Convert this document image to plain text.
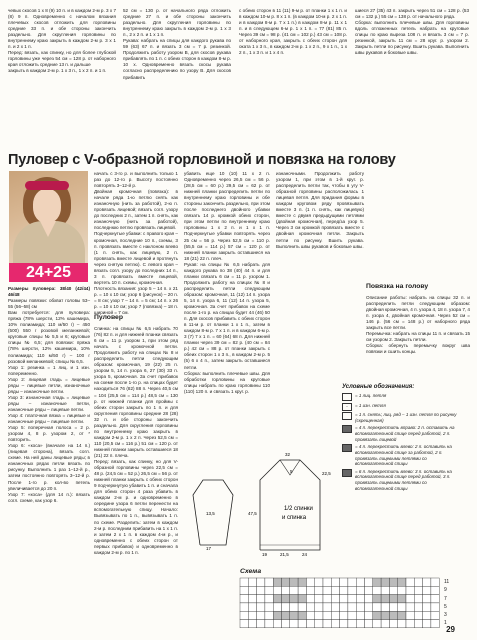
чевых скосов 1 х 8 (9) 10 п. и в каждом 2-м р. 3 х 7 (8) 9 п. Одновременно с началом вязания плечевых скосов отложить для горловины средние 33 п. и обе стороны закончить раздельно. Для скругления горловины по внутреннему краю закрыть в каждом 2-м р. 3 х 1 п. и 2 х 1 п.

Перед: вязать, как спинку, но для более глубокой горловины уже через 54 см = 128 р. от наборного края отложить средние 13 п. и дальше

закрыть в каждом 2-м р. 1 х 3 п., 1 х 2 п. и 1 п.

52 см = 130 р. от начального ряда отложить средние 27 п. и обе стороны закончить раздельно. Для скругления горловины по внутреннему краю закрыть в каждом 2-м р. 1 х 3 п., 2 х 2 п. и 1 х 1 п.

Рукава: набрать на спицы для каждого рукава по 59 (63) 67 п. и вязать 3 см = 7 р. резинкой. Продолжить работу узором В, для скосов рукава прибавлять по 1 п. с обеих сторон в каждом 8-м р. 10 х. Одновременно вязать скосы рукава согласно распределению по узору В. Для скосов прибавить

с обеих сторон в 11 (11) 9-м р. от планки 1 х 1 п. и в каждом 10-м р. 8 х 1 п. (в каждом 10-м р. 2 х 1 п. и в каждом 8-м р. 7 х 1 п.) в каждом 8-м р. 11 х 1 п. и в следующем 6-м р. 1 х 1 п. = 77 (81) 85 п. Через 39 см = 98 р. (41 см = 102 р.) 43 см = 108 р. от наборного края, закрыть с обеих сторон для оката 1 х 3 п., в каждом 2-м р. 1 х 2 п., 9 х 1 п., 1 х 2 п., 1 х 3 п. и 1 х 4 п.

шиеся 27 (35) 43 п. закрыть через 51 см = 128 р. (53 см = 132 р.) 55 см = 138 р. от начального ряда.

Сборка: выполнить плечевые швы. Для горловины вдоль отложенных петель набрать на круговые спицы по краю выреза 108 п. и вязать 3 см = 7 р. резинкой, закрыть 11 см = 28 круг. р. узором 2. Закрыть петли по рисунку. Вшить рукава. Выполнить швы рукавов и боковые швы.

Пуловер с V-образной горловиной и повязка на голову
24+25

Размеры пуловера: 38/40 (42/44) 46/48

Размеры повязки: обхват головы 53–55 (56–58) см

Вам потребуется: для пуловера: пряжа (78% шерсти, 12% кашемира, 10% полиамида; 110 м/50 г) – 450 (500) 550 г розовой меланжевой; круговые спицы № 5,5 и 6; круговые спицы № 6,5; для повязки: пряжа (78% шерсти, 12% кашемира, 10% полиамида; 110 м/50 г) – 100 г розовой меланжевой; спицы № 6,5.

Узор 1: резинка = 1 лиц. и 1 изн. попеременно.

Узор 2: лицевая гладь = лицевые ряды – лицевые петли, изнаночные ряды – изнаночные петли.

Узор 3: изнаночная гладь = лицевые ряды – изнаночные петли, изнаночные ряды – лицевые петли.

Узор 4: платочная вязка = лицевые и изнаночные ряды – лицевые петли.

Узор 5: поперечная полоса = 2 р. узором 4, 8 р. узором 2, от * повторить.

Узор 6: «коса» (вначале на 14 п.) (лицевая сторона), вязать согл. схеме. На ней даны лицевые ряды; в изнаночных рядах петли вязать по рисунку. Выполнить 1 раз 1–12-й р., затем постоянно повторять 3–12-й р. После 1-го р. кол-во петель увеличивается до 20 п.

Узор 7: «коса» (для 14 п.): вязать согл. схеме, как узор 6.

начать с 3-го р. и выполнить только 1 раз до 12-го р. Высоту постоянно повторять 3–12-й р.

Двойная кромочная (повязка): в начале ряда 1-ю петлю снять как изнаночную (нить за работой), 2-ю п. провязать лицевой; вязать согл. узору до последних 2 п., затем 1 п. снять, как изнаночную (нить за работой), последнюю петлю провязать лицевой.

Подчеркнутые убавки: с правого края – кромочная, последние 10 п., схемы, 3 п. провязать вместе с наклоном влево (1 п. снять, как лицевую, 2 п. провязать вместе лицевой и протянуть через снятую петлю). С левого края – вязать согл. узору до последних 14 п., 3 п. провязать вместе лицевой, вертеть 10 п. схемы, кромочная.

Плотность вязания: узор 5 – 14 п. х 21 р. = 10 х 10 см; узор 6 (рисунок) – 20 п. = 8 см; узор 7 – 14 п. = 5 см; 14 п. х 26 р. = 10 х 10 см; узор 7 (повязка) – 18 п. шириной = 7 см.

Пуловер

Спинка: на спицы № 6,5 набрать 70 (76) 82 п. и для нижней планки связать 6 см = 11 р. узором 1, при этом ряд начать с кромочной петли. Продолжить работу на спицах № 8 и распределить петли следующим образом: кромочная, 19 (22) 25 п. узором 5, 14 п. узора 6, 27 (30) 33 п. узора 5, кромочная. За счет прибавок на схеме после 1-го р. на спицах будет находиться 76 (82) 88 п. Через 40,5 см = 104 (25,5 см = 114 р.) 48,5 см = 130 р. от нижней планки для проймы с обеих сторон закрыть по 1 п. и для скругления горловины средние 28 (28) 32 п. и обе стороны закончить раздельно. Для скругления горловины по внутреннему краю закрыть в каждом 2-м р. 1 х 2 п. Через 52,5 см = 110 (20,5 см = 116 р.) 51 см = 120 р. от нижней планки закрыть оставшиеся 18 (21) 22 п. плеча.

Перед: вязать, как спинку, но для V-образной горловины через 22,5 см = 48 р. (24,5 см = 52 р.) 26,5 см = 56 р. от нижней планки закрыть с обеих сторон 9 подчеркнутую убавить 1 п. и сначала для обеих сторон 4 раза убавить в каждом 2-м р. и одновременно в середине узора 6 петли перенести на вспомогательную спицу. Начало: Вывязывать по 1 п., вывязывать 1 п. по схеме. Разделить: затем в каждом 2-м р. последним прибавить на 1 х 1 п. и затем 2 х 1 п. в каждом 4-м р., и одновременно с обеих сторон от первых прибавок) и одновременно в каждом 2-м р. по 1 п.

убавить еще 10 (10) 11 х 2 п. Одновременно через 26,5 см = 56 р. (28,5 см = 60 р.) 29,5 см = 62 р. от нижней планки распределить петли по внутреннему краю горловины и обе стороны закончить раздельно, при этом после последнего двойного убавки связать 14 р. кромкой обеих сторон, при этом петли по внутреннему краю горловины 1 х 2 п. и 1 х 1 п. Подчеркнутые убавки повторять через 25 см = 56 р. Через 52,5 см = 110 р. (55,5 см = 114 р.) 57 см = 120 р. от нижней планки закрыть оставшиеся на 18 (21) 22 п. плеч.

Рукав: на спицы № 6,5 набрать для каждого рукава по 38 (40) 44 п. и для планки связать 6 см = 11 р. узором 1. Продолжить работу на спицах № 8 и распределить петли следующим образом: кромочная, 11 (12) 14 п. узора 5, 14 п. узора 6, 11 (12) 14 п. узора 5, кромочная. За счет прибавок на схеме после 1-го р. на спицах будет 44 (46) 50 п. Для скосов прибавить с обеих сторон в 11-м р. от планки 1 х 1 п., затем в каждом 8-м р. 7 х 1 п. и в каждом 6-м р. 3 (7) 7 х 1 п. = 60 (64) 68 п. Для нижней планки через 39 см = 82 р. (40 см = 84 р.) 42 см = 88 р. от планки закрыть с обеих сторон 1 х 3 п., в каждом 2-м р. 5 (5) 6 х 4 п., затем закрыть оставшиеся петли.

Сборка: выполнить плечевые швы. Для обработки горловины на круговые спицы набрать по краю горловины 110 (110) 120 п. и связать 1 круг. р.

изнаночными. Продолжить работу узором 1, при этом в 1-й круг. р. распределить петли так, чтобы в угу V-образной горловины расположилась 1 лицевая петля. Для придания формы в каждом круговом ряду провязывать вместе 3 п. (1 п. снять, как лицевую) вместе с двумя предыдущими петлями (двойная кромочная), перед/за узор 5. Через 3 см кромкой провязать вместе с двойная кромочная петли. Закрыть петли по рисунку. Вшить рукава. Выполнить швы рукавов и боковые швы.

Повязка на голову

Описание работы: набрать на спицы 32 п. и распределить петли следующим образом: двойная кромочная, 4 п. узора 4, 18 п. узора 7, 4 п. узора 4, двойная кромочная. Через 52 см = 146 р. (56 см = 148 р.) от наборного ряда закрыть все петли.

Перемычка: набрать на спицы 11 п. и связать 15 см узором 2. Закрыть петли.

Сборка: обернуть перемычку вокруг шва повязки и сшить концы.

1/2 спинки
и спинка
32
5
47,5
22,5
19	21,5	24
13,5
17
Схема
11
9
7
5
3
1
Условные обозначения:
= 1 лиц. петля
-	= 1 изн. петля
= 1 п. снять; лиц. ряд – 1 изн. петля по рисунку (скрещенная)
= 4 п. перекрестить вправо: 2 п. оставить на вспомогательной спице перед работой, 2 п. провязать лицевой
= 4 п. перекрестить влево: 2 п. оставить на вспомогательной спице за работой, 2 п. провязать лицевыми петлями со вспомогательной спицы
= 6 п. перекрестить влево: 3 п. оставить на вспомогательной спице перед работой, 3 п. провязать лицевыми петлями со вспомогательной спицы
29
